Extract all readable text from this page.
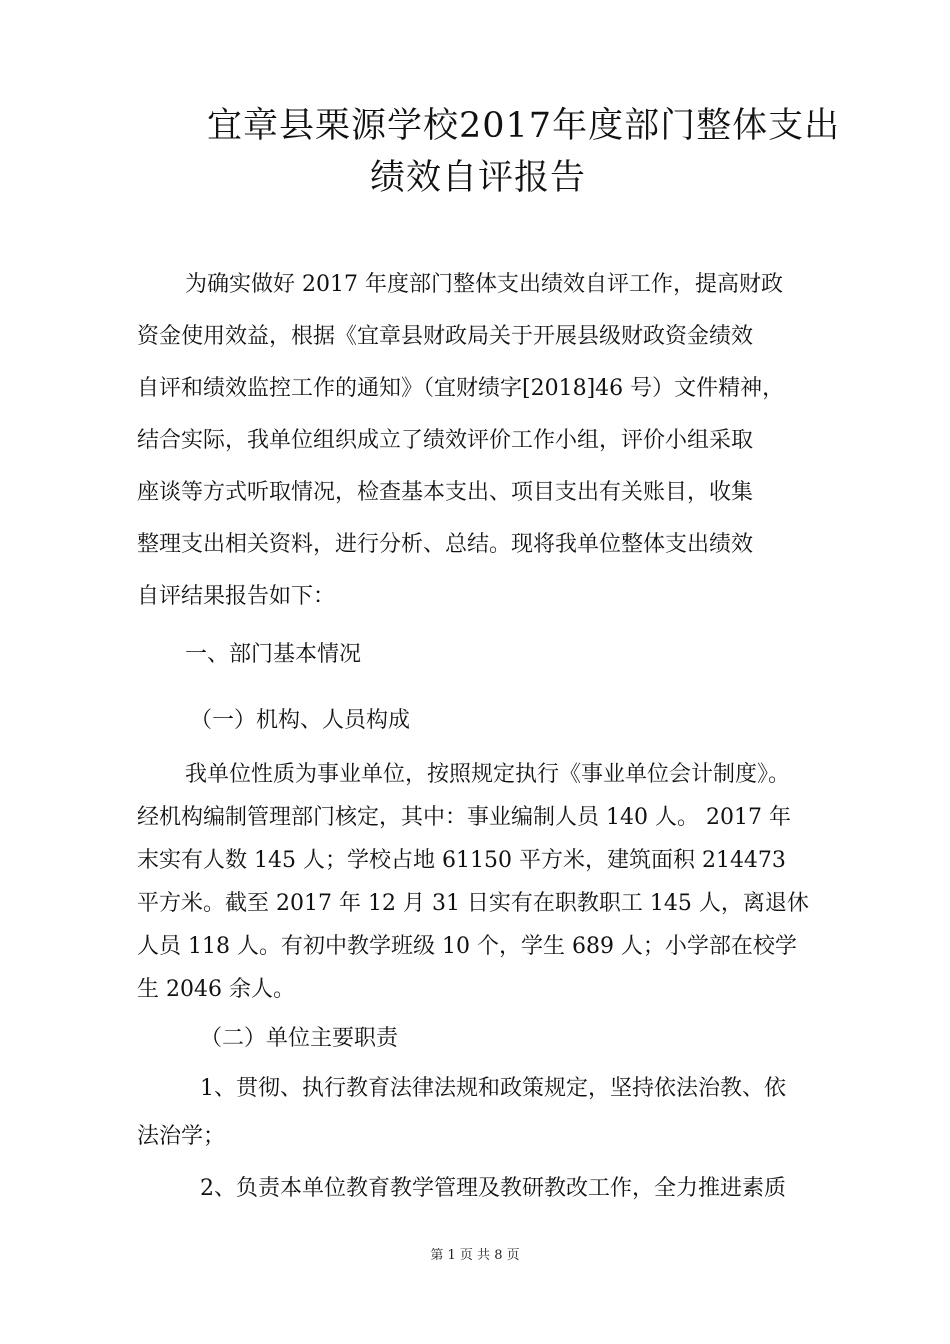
宜章县栗源学校2017年度部门整体支出
绩效自评报告
为确实做好 2017 年度部门整体支出绩效自评工作，提高财政
资金使用效益，根据《宜章县财政局关于开展县级财政资金绩效
自评和绩效监控工作的通知》（宜财绩字[2018]46 号）文件精神，
结合实际，我单位组织成立了绩效评价工作小组，评价小组采取
座谈等方式听取情况，检查基本支出、项目支出有关账目，收集
整理支出相关资料，进行分析、总结。现将我单位整体支出绩效
自评结果报告如下：
一、部门基本情况
（一）机构、人员构成
我单位性质为事业单位，按照规定执行《事业单位会计制度》。
经机构编制管理部门核定，其中：事业编制人员 140 人。 2017 年
末实有人数 145 人；学校占地 61150 平方米，建筑面积 214473
平方米。截至 2017 年 12 月 31 日实有在职教职工 145 人，离退休
人员 118 人。有初中教学班级 10 个，学生 689 人；小学部在校学
生 2046 余人。
（二）单位主要职责
1、贯彻、执行教育法律法规和政策规定，坚持依法治教、依
法治学；
2、负责本单位教育教学管理及教研教改工作，全力推进素质
第 1 页 共 8 页
